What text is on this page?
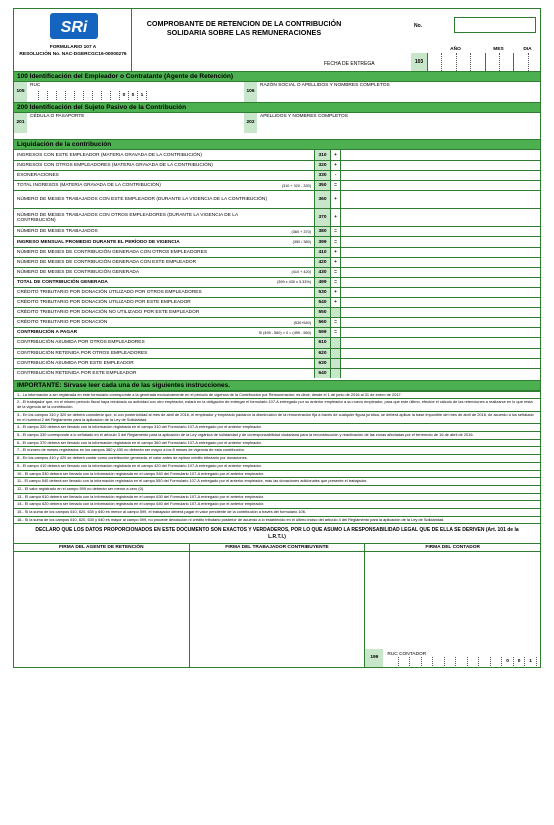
SRi
FORMULARIO 107 A
RESOLUCIÓN No. NAC-DGERCGC16-00000276
COMPROBANTE DE RETENCION DE LA CONTRIBUCIÓN SOLIDARIA SOBRE LAS REMUNERACIONES
No.
FECHA DE ENTREGA	103
AÑO	MES	DIA
100 Identificación del Empleador o Contratante (Agente de Retención)
105
RUC
0	0	1
106
RAZÓN SOCIAL O APELLIDOS Y NOMBRES COMPLETOS
200 Identificación del Sujeto Pasivo de la Contribución
201
CÉDULA O PASAPORTE
202
APELLIDOS Y NOMBRES COMPLETOS
Liquidación de la contribución
INGRESOS CON ESTE EMPLEADOR (MATERIA GRAVADA DE LA CONTRIBUCIÓN)	310	+
INGRESOS CON OTROS EMPLEADORES (MATERIA GRAVADA DE LA CONTRIBUCIÓN)	320	+
EXONERACIONES	330	-
TOTAL INGRESOS (MATERIA GRAVADA DE LA CONTRIBUCIÓN)	(310 + 320 - 330)	350	=
NÚMERO DE MESES TRABAJADOS CON ESTE EMPLEADOR (DURANTE LA VIGENCIA DE LA CONTRIBUCIÓN)	360	+
NÚMERO DE MESES TRABAJADOS CON OTROS EMPLEADORES (DURANTE LA VIGENCIA DE LA CONTRIBUCIÓN)	370	+
NÚMERO DE MESES TRABAJADOS	(360 + 370)	380	=
INGRESO MENSUAL PROMEDIO DURANTE EL PERÍODO DE VIGENCIA	(350 / 380)	399	=
NÚMERO DE MESES DE CONTRIBUCIÓN GENERADA CON OTROS EMPLEADORES	410	+
NÚMERO DE MESES DE CONTRIBUCIÓN GENERADA CON ESTE EMPLEADOR	420	+
NÚMERO DE MESES DE CONTRIBUCIÓN GENERADA	(410 + 420)	430	=
TOTAL DE CONTRIBUCIÓN GENERADA	(399 x 430 x 3.33%)	499	=
CRÉDITO TRIBUTARIO POR DONACIÓN UTILIZADO POR OTROS EMPLEADORES	530	+
CRÉDITO TRIBUTARIO POR DONACIÓN UTILIZADO POR ESTE EMPLEADOR	540	+
CRÉDITO TRIBUTARIO POR DONACIÓN NO UTILIZADO POR ESTE EMPLEADOR	550
CRÉDITO TRIBUTARIO POR DONACIÓN	(530+540)	560	=
CONTRIBUCIÓN A PAGAR	Si (499 - 560) > 0 = (499 - 560)	599	=
CONTRIBUCIÓN ASUMIDA POR OTROS EMPLEADORES	610
CONTRIBUCIÓN RETENIDA POR OTROS EMPLEADORES	620
CONTRIBUCIÓN ASUMIDA POR ESTE EMPLEADOR	630
CONTRIBUCIÓN RETENIDA POR ESTE EMPLEADOR	640
IMPORTANTE: Sírvase leer cada una de las siguientes instrucciones.
1.- La información a ser registrada en este formulario corresponde a la generada exclusivamente en el período de vigencia de la Contribución por Remuneración; es decir, desde el 1 de junio de 2016 al 31 de enero de 2017.
2.- El trabajador que, en el mismo período fiscal haya reiniciado su actividad con otro empleador, estará en la obligación de entregar el formulario 107-A entregado por su anterior empleador a su nuevo empleador, para que este último, efectúe el cálculo de las retenciones a realizarse en lo que resta de la vigencia de la contribución.
3.- En los campos 310 y 320 se deberá considerar que, si con posterioridad al mes de abril de 2016, el empleador y empleado pactaron la disminución de la remuneración fija a través de cualquier figura jurídica, se deberá aplicar la base imponible del mes de abril de 2016, de acuerdo a los señalado en el numeral 2 del Reglamento para la aplicación de la Ley de Solidaridad.
4.- El campo 320 deberá ser llenado con la información registrada en el campo 310 del Formulario 107-A entregado por el anterior empleador.
5.- El campo 330 corresponde a lo señalado en el artículo 3 del Reglamento para la aplicación de la Ley orgánica de solidaridad y de corresponsabilidad ciudadana para la reconstrucción y reactivación de las zonas afectadas por el terremoto de 16 de abril de 2016.
6.- El campo 370 deberá ser llenado con la información registrada en el campo 360 del Formulario 107-A entregado por el anterior empleador.
7.- El número de meses registrados en los campos 380 y 430 no deberán ser mayor a los 8 meses de vigencia de esta contribución.
8.- En los campos 410 y 420 se deberá contar como contribución generada, el valor antes de aplicar crédito tributario por donaciones.
9.- El campo 410 deberá ser llenado con la información registrada en el campo 420 del Formulario 107-A entregado por el anterior empleador.
10.- El campo 530 deberá ser llenado con la información registrada en el campo 540 del Formulario 107-A entregado por el anterior empleador.
11.- El campo 540 deberá ser llenado con la información registrada en el campo 550 del Formulario 107-A entregado por el anterior empleador, más las donaciones adicionales que presente el trabajador.
12.- El valor registrado en el campo 599 no deberán ser menor a cero (0).
13.- El campo 610 deberá ser llenado con la información registrada en el campo 630 del Formulario 107-A entregado por el anterior empleador.
14.- El campo 620 deberá ser llenado con la información registrada en el campo 640 del Formulario 107-A entregado por el anterior empleador.
15.- Si la suma de los campos 610, 620, 630 y 640 es menor al campo 599, el trabajador deberá pagar el valor pendiente de la contribución a través del formulario 106.
16.- Si la suma de los campos 610, 620, 630 y 640 es mayor al campo 599, no procede devolución ni crédito tributario posterior de acuerdo a lo establecido en el último inciso del artículo 4 del Reglamento para la aplicación de la Ley de Solidaridad.
DECLARO QUE LOS DATOS PROPORCIONADOS EN ESTE DOCUMENTO SON EXACTOS Y VERDADEROS, POR LO QUE ASUMO LA RESPONSABILIDAD LEGAL QUE DE ELLA SE DERIVEN (Art. 101 de la L.R.T.I.)
FIRMA DEL AGENTE DE RETENCIÓN	FIRMA DEL TRABAJADOR CONTRIBUYENTE	FIRMA DEL CONTADOR
199
RUC CONTADOR
0	0	1
